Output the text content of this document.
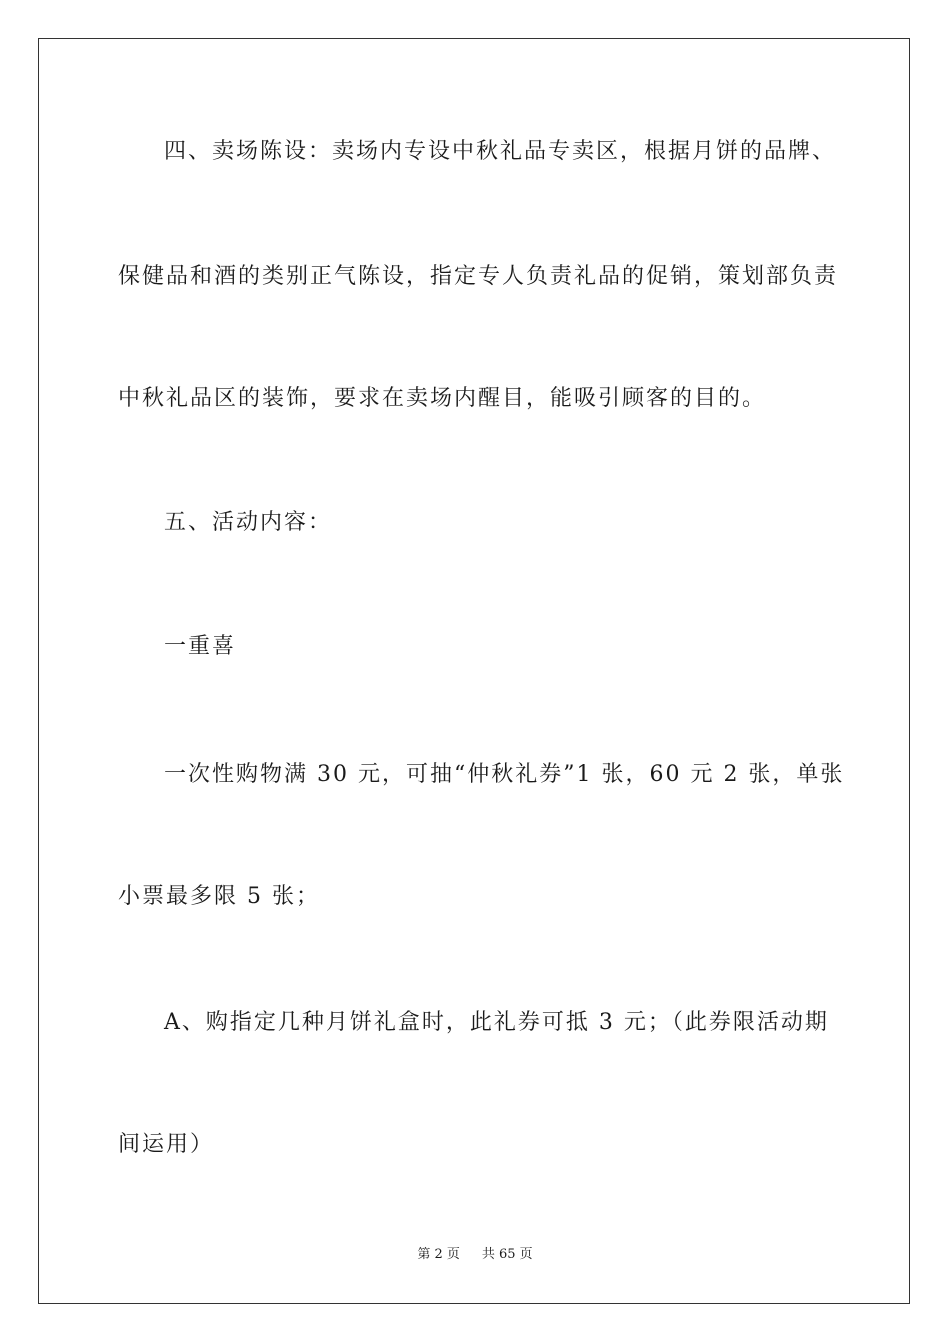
四、卖场陈设：卖场内专设中秋礼品专卖区，根据月饼的品牌、
保健品和酒的类别正气陈设，指定专人负责礼品的促销，策划部负责
中秋礼品区的装饰，要求在卖场内醒目，能吸引顾客的目的。
五、活动内容：
一重喜
一次性购物满 30 元，可抽“仲秋礼券”1 张，60 元 2 张，单张
小票最多限 5 张；
A、购指定几种月饼礼盒时，此礼券可抵 3 元；（此券限活动期
间运用）
第 2 页 共 65 页
